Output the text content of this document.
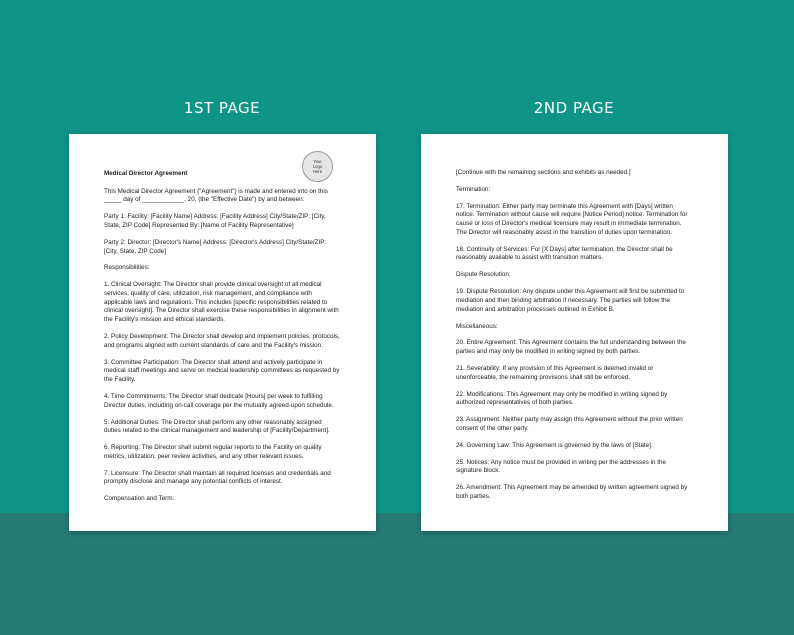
1ST PAGE	2ND PAGE
Your Logo Here
Medical Director Agreement
This Medical Director Agreement ("Agreement") is made and entered into on this _____ day of ____________, 20, (the "Effective Date") by and between:
Party 1: Facility: [Facility Name] Address: [Facility Address] City/State/ZIP: [City, State, ZIP Code] Represented By: [Name of Facility Representative]
Party 2: Director: [Director's Name] Address: [Director's Address] City/State/ZIP: [City, State, ZIP Code]
Responsibilities:
1. Clinical Oversight: The Director shall provide clinical oversight of all medical services, quality of care, utilization, risk management, and compliance with applicable laws and regulations. This includes [specific responsibilities related to clinical oversight]. The Director shall exercise these responsibilities in alignment with the Facility's mission and ethical standards.
2. Policy Development: The Director shall develop and implement policies, protocols, and programs aligned with current standards of care and the Facility's mission.
3. Committee Participation: The Director shall attend and actively participate in medical staff meetings and serve on medical leadership committees as requested by the Facility.
4. Time Commitments: The Director shall dedicate [Hours] per week to fulfilling Director duties, including on-call coverage per the mutually agreed-upon schedule.
5. Additional Duties: The Director shall perform any other reasonably assigned duties related to the clinical management and leadership of [Facility/Department].
6. Reporting: The Director shall submit regular reports to the Facility on quality metrics, utilization, peer review activities, and any other relevant issues.
7. Licensure: The Director shall maintain all required licenses and credentials and promptly disclose and manage any potential conflicts of interest.
Compensation and Term:
[Continue with the remaining sections and exhibits as needed.]
Termination:
17. Termination: Either party may terminate this Agreement with [Days] written notice. Termination without cause will require [Notice Period] notice. Termination for cause or loss of Director's medical licensure may result in immediate termination. The Director will reasonably assist in the transition of duties upon termination.
18. Continuity of Services: For [X Days] after termination, the Director shall be reasonably available to assist with transition matters.
Dispute Resolution:
19. Dispute Resolution: Any dispute under this Agreement will first be submitted to mediation and then binding arbitration if necessary. The parties will follow the mediation and arbitration processes outlined in Exhibit B.
Miscellaneous:
20. Entire Agreement: This Agreement contains the full understanding between the parties and may only be modified in writing signed by both parties.
21. Severability: If any provision of this Agreement is deemed invalid or unenforceable, the remaining provisions shall still be enforced.
22. Modifications: This Agreement may only be modified in writing signed by authorized representatives of both parties.
23. Assignment: Neither party may assign this Agreement without the prior written consent of the other party.
24. Governing Law: This Agreement is governed by the laws of [State].
25. Notices: Any notice must be provided in writing per the addresses in the signature block.
26. Amendment: This Agreement may be amended by written agreement signed by both parties.
